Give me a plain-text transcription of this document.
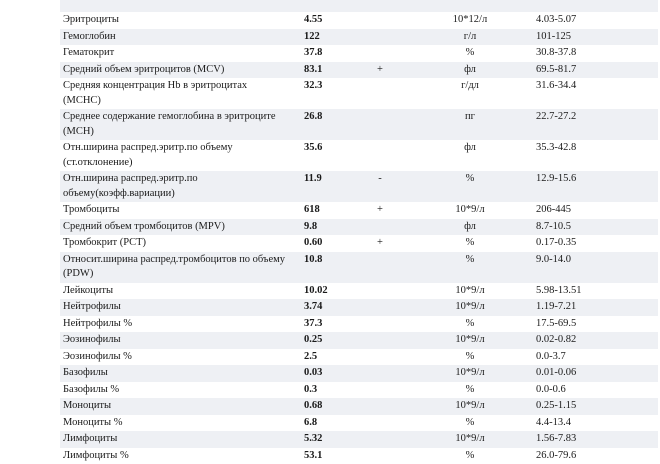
Эритроциты	4.55	10*12/л	4.03-5.07
Гемоглобин	122	г/л	101-125
Гематокрит	37.8	%	30.8-37.8
Средний объем эритроцитов (MCV)	83.1	+	фл	69.5-81.7
Средняя концентрация Hb в эритроцитах (MCHC)
32.3	г/дл	31.6-34.4
Среднее содержание гемоглобина в эритроците (MCH)
26.8	пг	22.7-27.2
Отн.ширина распред.эритр.по объему (ст.отклонение)
35.6	фл	35.3-42.8
Отн.ширина распред.эритр.по объему(коэфф.вариации)
11.9	-	%	12.9-15.6
Тромбоциты	618	+	10*9/л	206-445
Средний объем тромбоцитов (MPV)	9.8	фл	8.7-10.5
Тромбокрит (PCT)	0.60	+	%	0.17-0.35
Относит.ширина распред.тромбоцитов по объему (PDW)
10.8	%	9.0-14.0
Лейкоциты	10.02	10*9/л	5.98-13.51
Нейтрофилы	3.74	10*9/л	1.19-7.21
Нейтрофилы %	37.3	%	17.5-69.5
Эозинофилы	0.25	10*9/л	0.02-0.82
Эозинофилы %	2.5	%	0.0-3.7
Базофилы	0.03	10*9/л	0.01-0.06
Базофилы %	0.3	%	0.0-0.6
Моноциты	0.68	10*9/л	0.25-1.15
Моноциты %	6.8	%	4.4-13.4
Лимфоциты	5.32	10*9/л	1.56-7.83
Лимфоциты %	53.1	%	26.0-79.6
